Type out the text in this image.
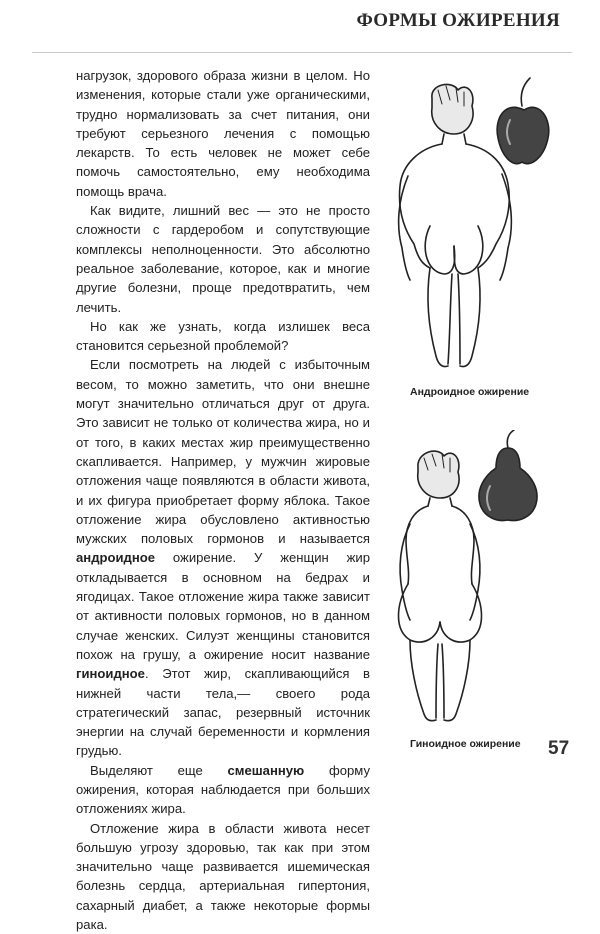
ФОРМЫ ОЖИРЕНИЯ

нагрузок, здорового образа жизни в целом. Но изменения, которые стали уже органическими, трудно нормализовать за счет питания, они требуют серьезного лечения с помощью лекарств. То есть человек не может себе помочь самостоятельно, ему необходима помощь врача.

Как видите, лишний вес — это не просто сложности с гардеробом и сопутствующие комплексы неполноценности. Это абсолютно реальное заболевание, которое, как и многие другие болезни, проще предотвратить, чем лечить.

Но как же узнать, когда излишек веса становится серьезной проблемой?

Если посмотреть на людей с избыточным весом, то можно заметить, что они внешне могут значительно отличаться друг от друга. Это зависит не только от количества жира, но и от того, в каких местах жир преимущественно скапливается. Например, у мужчин жировые отложения чаще появляются в области живота, и их фигура приобретает форму яблока. Такое отложение жира обусловлено активностью мужских половых гормонов и называется андроидное ожирение. У женщин жир откладывается в основном на бедрах и ягодицах. Такое отложение жира также зависит от активности половых гормонов, но в данном случае женских. Силуэт женщины становится похож на грушу, а ожирение носит название гиноидное. Этот жир, скапливающийся в нижней части тела,— своего рода стратегический запас, резервный источник энергии на случай беременности и кормления грудью.

Выделяют еще смешанную форму ожирения, которая наблюдается при больших отложениях жира.

Отложение жира в области живота несет большую угрозу здоровью, так как при этом значительно чаще развивается ишемическая болезнь сердца, артериальная гипертония, сахарный диабет, а также некоторые формы рака.

Андроидное ожирение
Гиноидное ожирение 57
